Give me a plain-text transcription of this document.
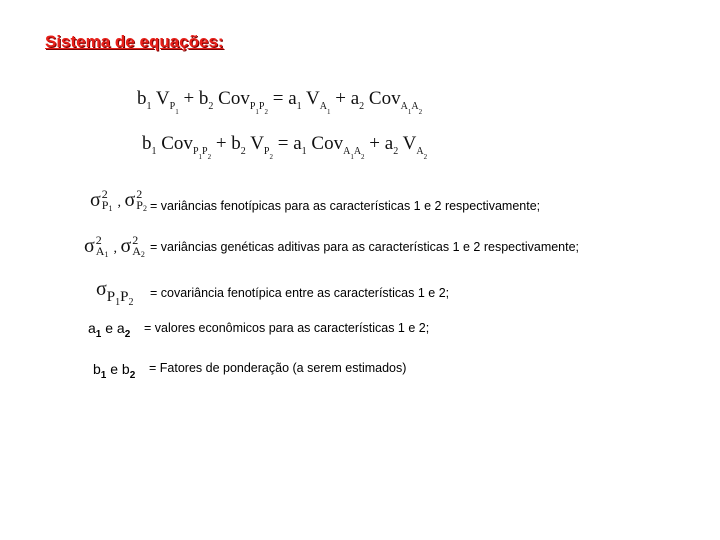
Sistema de equações:
$b_1$ $V_{P_1} + b_2$ $Cov_{P_1P_2} = a_1$ $V_{A_1} + a_2$ Cov$_{A_1A_2}$
$b_1$ $Cov_{P_1P_2} + b_2$ $V_{P_2} = a_1$ $Cov_{A_1A_2} + a_2$ $V_{A_2}$
σ 2
$P_1$ , σ 2
$P_2$ = variâncias fenotípicas para as características 1 e 2 respectivamente;
σ 2
$A_1$ , σ 2
$A_2$
= variâncias genéticas aditivas para as características 1 e 2 respectivamente;
$\sigma_{P_1P_2}$
= covariância fenotípica entre as características 1 e 2;
$a_1$ e $a_2$ = valores econômicos para as características 1 e 2;
$b_1$ e $b_2$
= Fatores de ponderação (a serem estimados)
